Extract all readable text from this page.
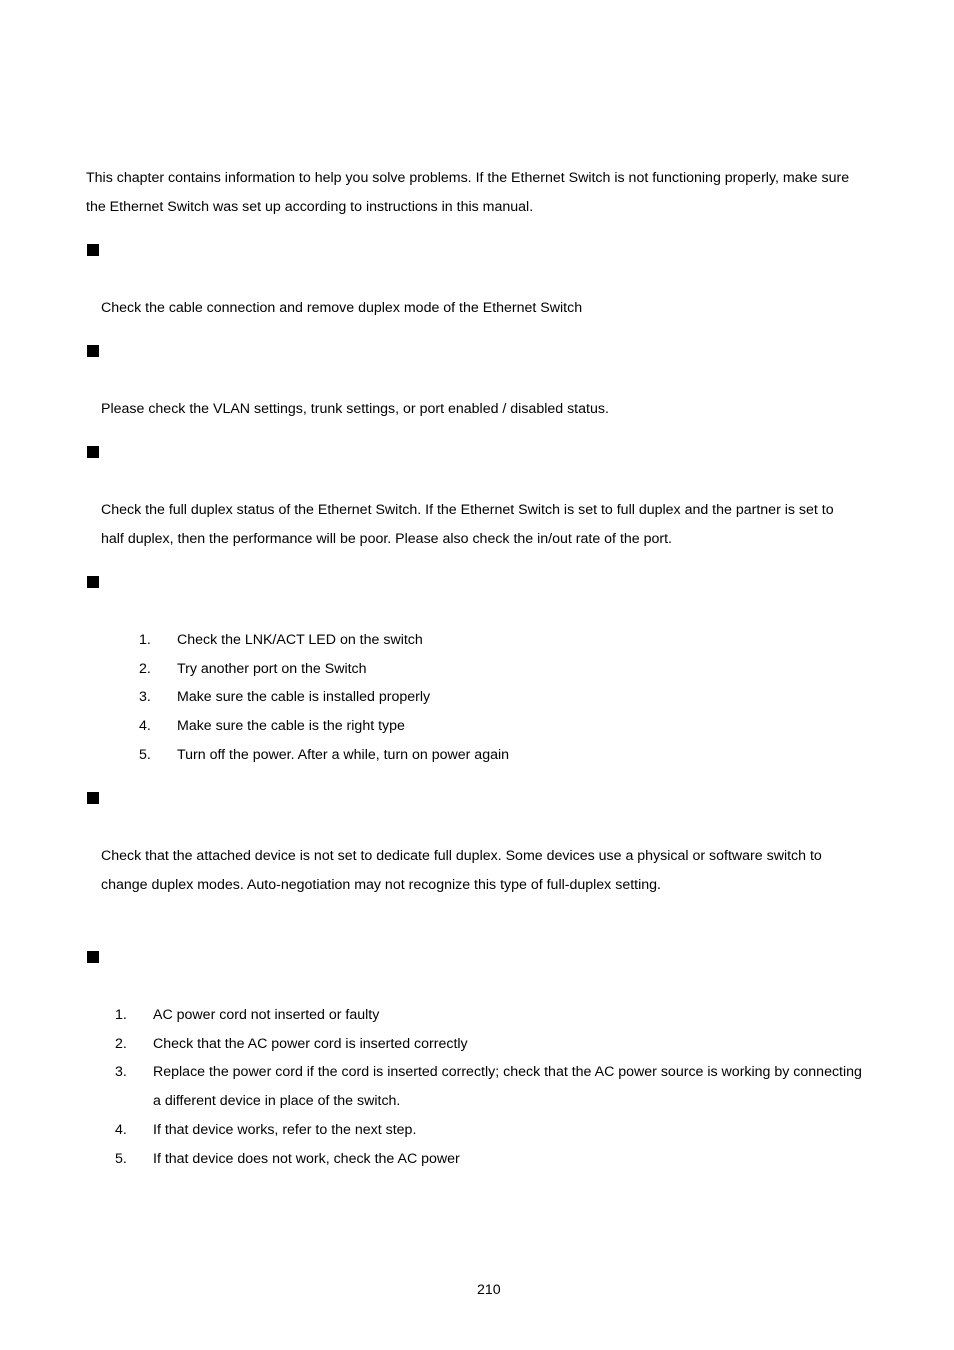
This chapter contains information to help you solve problems. If the Ethernet Switch is not functioning properly, make sure
the Ethernet Switch was set up according to instructions in this manual.
Check the cable connection and remove duplex mode of the Ethernet Switch
Please check the VLAN settings, trunk settings, or port enabled / disabled status.
Check the full duplex status of the Ethernet Switch. If the Ethernet Switch is set to full duplex and the partner is set to
half duplex, then the performance will be poor. Please also check the in/out rate of the port.
1. Check the LNK/ACT LED on the switch
2. Try another port on the Switch
3. Make sure the cable is installed properly
4. Make sure the cable is the right type
5. Turn off the power. After a while, turn on power again
Check that the attached device is not set to dedicate full duplex. Some devices use a physical or software switch to
change duplex modes. Auto-negotiation may not recognize this type of full-duplex setting.
1. AC power cord not inserted or faulty
2. Check that the AC power cord is inserted correctly
3. Replace the power cord if the cord is inserted correctly; check that the AC power source is working by connecting
a different device in place of the switch.
4. If that device works, refer to the next step.
5. If that device does not work, check the AC power
210
